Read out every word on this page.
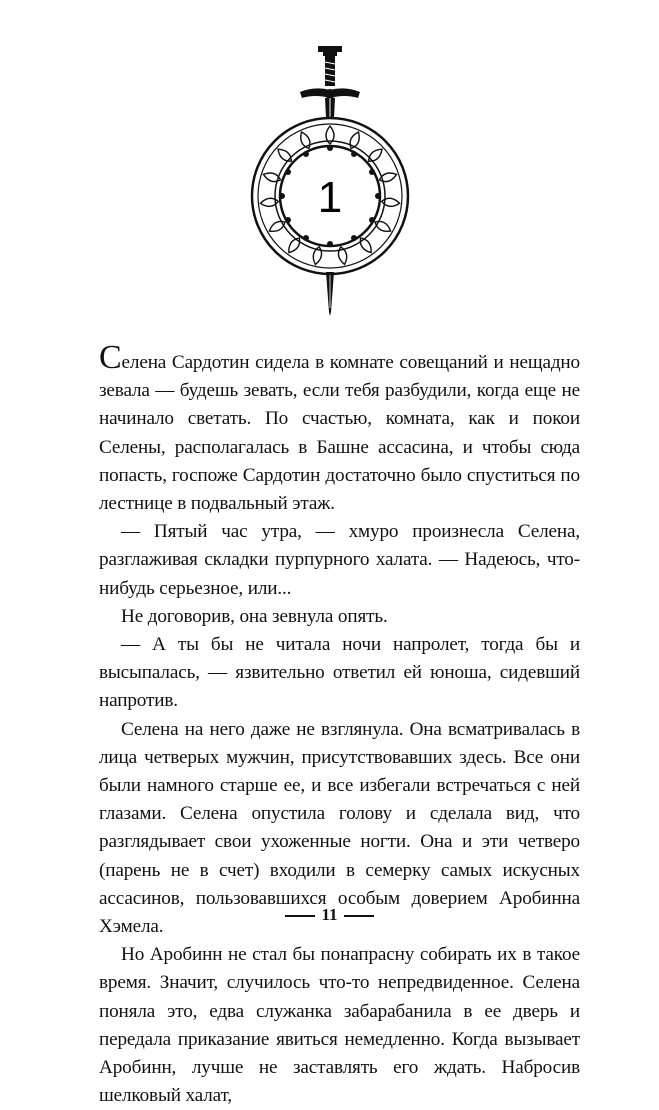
1

Селена Сардотин сидела в комнате совещаний и нещадно зевала — будешь зевать, если тебя разбудили, когда еще не начинало светать. По счастью, комната, как и покои Селены, располагалась в Башне ассасина, и чтобы сюда попасть, госпоже Сардотин достаточно было спуститься по лестнице в подвальный этаж.

— Пятый час утра, — хмуро произнесла Селена, разглаживая складки пурпурного халата. — Надеюсь, что-нибудь серьезное, или...

Не договорив, она зевнула опять.

— А ты бы не читала ночи напролет, тогда бы и высыпалась, — язвительно ответил ей юноша, сидевший напротив.

Селена на него даже не взглянула. Она всматривалась в лица четверых мужчин, присутствовавших здесь. Все они были намного старше ее, и все избегали встречаться с ней глазами. Селена опустила голову и сделала вид, что разглядывает свои ухоженные ногти. Она и эти четверо (парень не в счет) входили в семерку самых искусных ассасинов, пользовавшихся особым доверием Аробинна Хэмела.

Но Аробинн не стал бы понапрасну собирать их в такое время. Значит, случилось что-то непредвиденное. Селена поняла это, едва служанка забарабанила в ее дверь и передала приказание явиться немедленно. Когда вызывает Аробинн, лучше не заставлять его ждать. Набросив шелковый халат,

11
